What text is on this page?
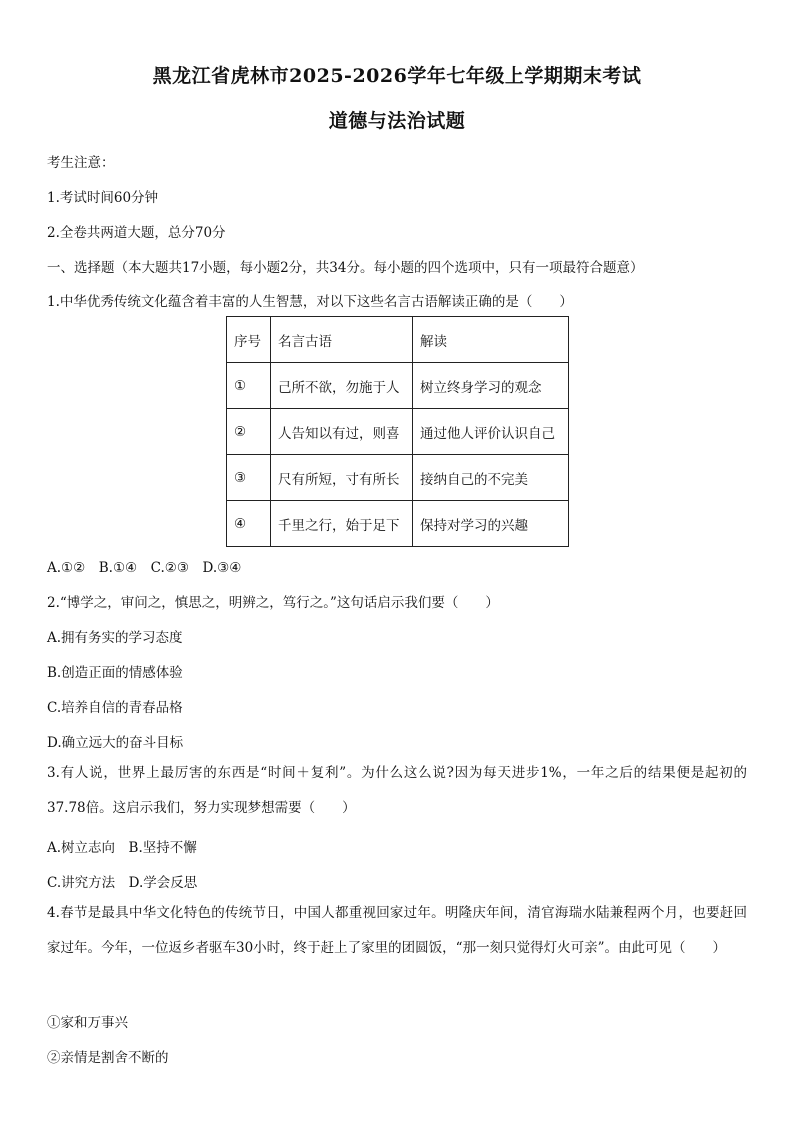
黑龙江省虎林市2025-2026学年七年级上学期期末考试
道德与法治试题
考生注意：
1.考试时间60分钟
2.全卷共两道大题，总分70分
一、选择题（本大题共17小题，每小题2分，共34分。每小题的四个选项中，只有一项最符合题意）
1.中华优秀传统文化蕴含着丰富的人生智慧，对以下这些名言古语解读正确的是（　　）
序号	名言古语	解读
①	己所不欲，勿施于人	树立终身学习的观念
②	人告知以有过，则喜	通过他人评价认识自己
③	尺有所短，寸有所长	接纳自己的不完美
④	千里之行，始于足下	保持对学习的兴趣
A.①②　B.①④　C.②③　D.③④
2.“博学之，审问之，慎思之，明辨之，笃行之。”这句话启示我们要（　　）
A.拥有务实的学习态度
B.创造正面的情感体验
C.培养自信的青春品格
D.确立远大的奋斗目标
3.有人说，世界上最厉害的东西是“时间＋复利”。为什么这么说?因为每天进步1%，一年之后的结果便是起初的37.78倍。这启示我们，努力实现梦想需要（　　）
A.树立志向　B.坚持不懈
C.讲究方法　D.学会反思
4.春节是最具中华文化特色的传统节日，中国人都重视回家过年。明隆庆年间，清官海瑞水陆兼程两个月，也要赶回家过年。今年，一位返乡者驱车30小时，终于赶上了家里的团圆饭，“那一刻只觉得灯火可亲”。由此可见（　　）
①家和万事兴
②亲情是割舍不断的
